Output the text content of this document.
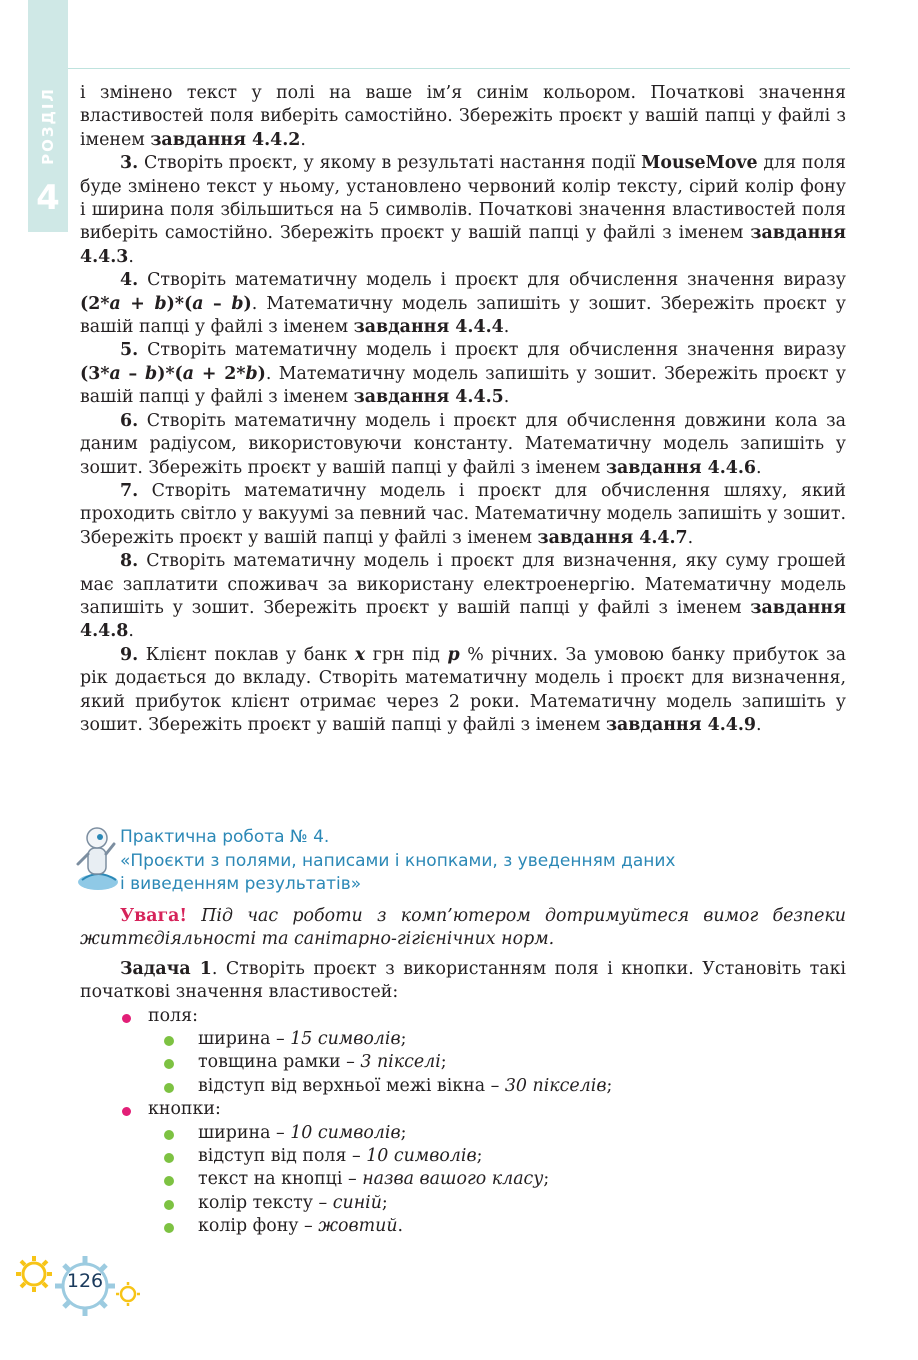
РОЗДІЛ
4

і змінено текст у полі на ваше ім’я синім кольором. Початкові значення властивостей поля виберіть самостійно. Збережіть проєкт у вашій папці у файлі з іменем завдання 4.4.2.

3. Створіть проєкт, у якому в результаті настання події MouseMove для поля буде змінено текст у ньому, установлено червоний колір тексту, сірий колір фону і ширина поля збільшиться на 5 символів. Початкові значення властивостей поля виберіть самостійно. Збережіть проєкт у вашій папці у файлі з іменем завдання 4.4.3.

4. Створіть математичну модель і проєкт для обчислення значення виразу (2*a + b)*(a – b). Математичну модель запишіть у зошит. Збережіть проєкт у вашій папці у файлі з іменем завдання 4.4.4.

5. Створіть математичну модель і проєкт для обчислення значення виразу (3*a – b)*(a + 2*b). Математичну модель запишіть у зошит. Збережіть проєкт у вашій папці у файлі з іменем завдання 4.4.5.

6. Створіть математичну модель і проєкт для обчислення довжини кола за даним радіусом, використовуючи константу. Математичну модель запишіть у зошит. Збережіть проєкт у вашій папці у файлі з іменем завдання 4.4.6.

7. Створіть математичну модель і проєкт для обчислення шляху, який проходить світло у вакуумі за певний час. Математичну модель запишіть у зошит. Збережіть проєкт у вашій папці у файлі з іменем завдання 4.4.7.

8. Створіть математичну модель і проєкт для визначення, яку суму грошей має заплатити споживач за використану електроенергію. Математичну модель запишіть у зошит. Збережіть проєкт у вашій папці у файлі з іменем завдання 4.4.8.

9. Клієнт поклав у банк x грн під p % річних. За умовою банку прибуток за рік додається до вкладу. Створіть математичну модель і проєкт для визначення, який прибуток клієнт отримає через 2 роки. Математичну модель запишіть у зошит. Збережіть проєкт у вашій папці у файлі з іменем завдання 4.4.9.

Практична робота № 4.
«Проєкти з полями, написами і кнопками, з уведенням даних
і виведенням результатів»

Увага! Під час роботи з комп’ютером дотримуйтеся вимог безпеки життєдіяльності та санітарно-гігієнічних норм.

Задача 1. Створіть проєкт з використанням поля і кнопки. Установіть такі початкові значення властивостей:

поля:
ширина – 15 символів;
товщина рамки – 3 пікселі;
відступ від верхньої межі вікна – 30 пікселів;
кнопки:
ширина – 10 символів;
відступ від поля – 10 символів;
текст на кнопці – назва вашого класу;
колір тексту – синій;
колір фону – жовтий.
126
